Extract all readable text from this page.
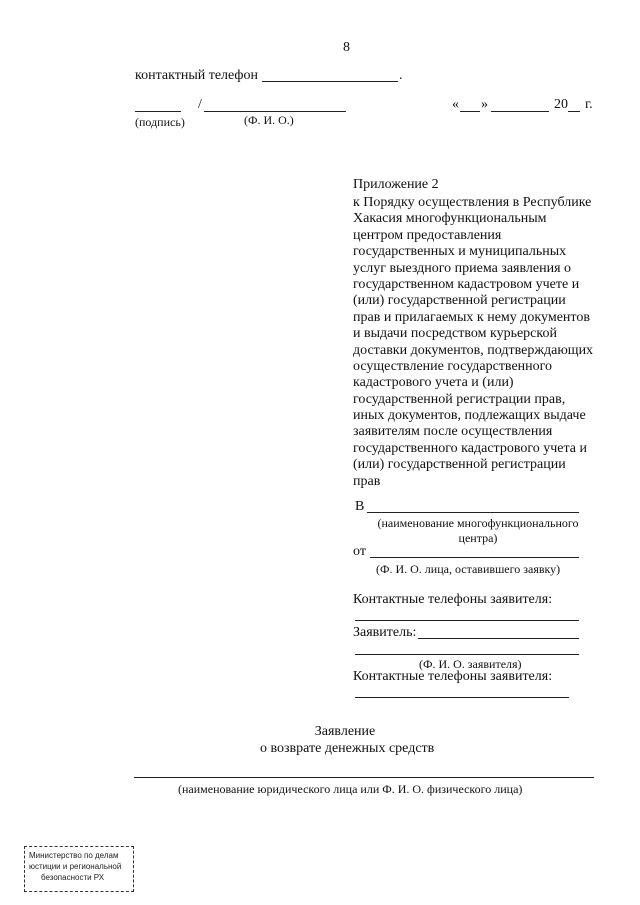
8
контактный телефон	.
/
(подпись)	(Ф. И. О.)
« »	20 г.
Приложение 2
к Порядку осуществления в Республике
Хакасия многофункциональным
центром предоставления
государственных и муниципальных
услуг выездного приема заявления о
государственном кадастровом учете и
(или) государственной регистрации
прав и прилагаемых к нему документов
и выдачи посредством курьерской
доставки документов, подтверждающих
осуществление государственного
кадастрового учета и (или)
государственной регистрации прав,
иных документов, подлежащих выдаче
заявителям после осуществления
государственного кадастрового учета и
(или) государственной регистрации
прав
В
(наименование многофункционального
центра)
от
(Ф. И. О. лица, оставившего заявку)
Контактные телефоны заявителя:
Заявитель:
(Ф. И. О. заявителя)
Контактные телефоны заявителя:
Заявление
о возврате денежных средств
(наименование юридического лица или Ф. И. О. физического лица)
Министерство по делам
юстиции и региональной
безопасности РХ
